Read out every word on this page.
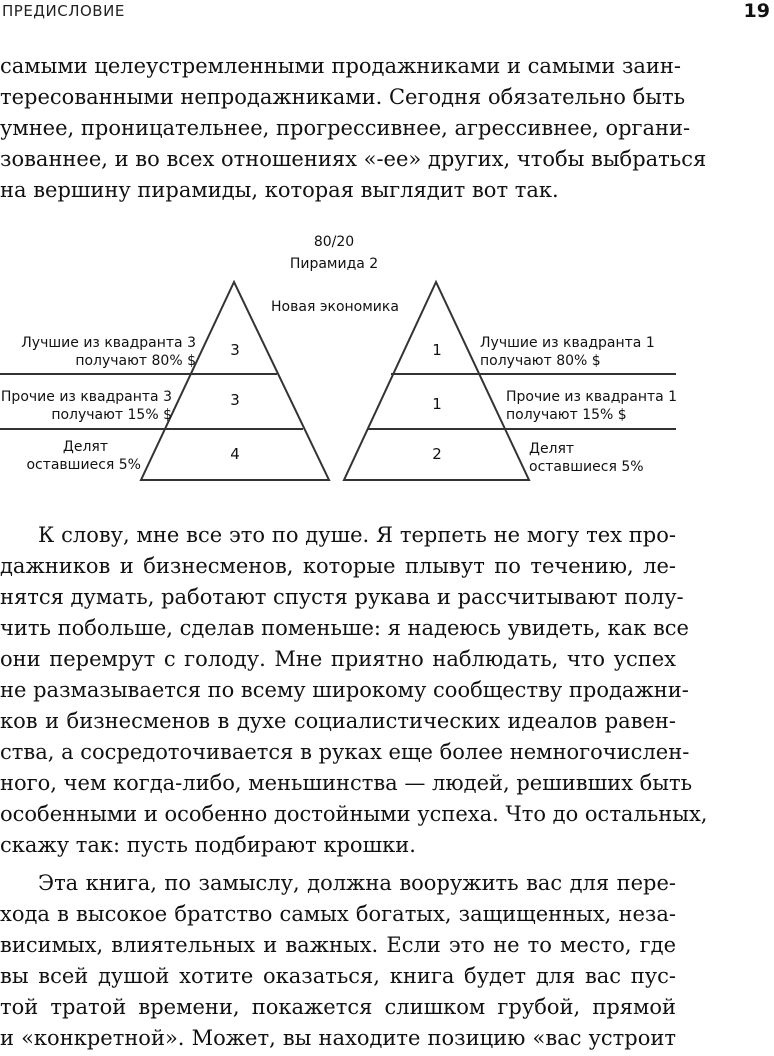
ПРЕДИСЛОВИЕ	19
самыми целеустремленными продажниками и самыми заин-
тересованными непродажниками. Сегодня обязательно быть
умнее, проницательнее, прогрессивнее, агрессивнее, органи-
зованнее, и во всех отношениях «-ее» других, чтобы выбраться
на вершину пирамиды, которая выглядит вот так.
80/20
Пирамида 2
Новая экономика
Лучшие из квадранта 3
получают 80% $
Прочие из квадранта 3
получают 15% $
Делят
оставшиеся 5%
3
3
4
Лучшие из квадранта 1
получают 80% $
Прочие из квадранта 1
получают 15% $
Делят
оставшиеся 5%
1
1
2
К слову, мне все это по душе. Я терпеть не могу тех про-
дажников и бизнесменов, которые плывут по течению, ле-
нятся думать, работают спустя рукава и рассчитывают полу-
чить побольше, сделав поменьше: я надеюсь увидеть, как все
они перемрут с голоду. Мне приятно наблюдать, что успех
не размазывается по всему широкому сообществу продажни-
ков и бизнесменов в духе социалистических идеалов равен-
ства, а сосредоточивается в руках еще более немногочислен-
ного, чем когда-либо, меньшинства — людей, решивших быть
особенными и особенно достойными успеха. Что до остальных,
скажу так: пусть подбирают крошки.
Эта книга, по замыслу, должна вооружить вас для пере-
хода в высокое братство самых богатых, защищенных, неза-
висимых, влиятельных и важных. Если это не то место, где
вы всей душой хотите оказаться, книга будет для вас пус-
той тратой времени, покажется слишком грубой, прямой
и «конкретной». Может, вы находите позицию «вас устроит
